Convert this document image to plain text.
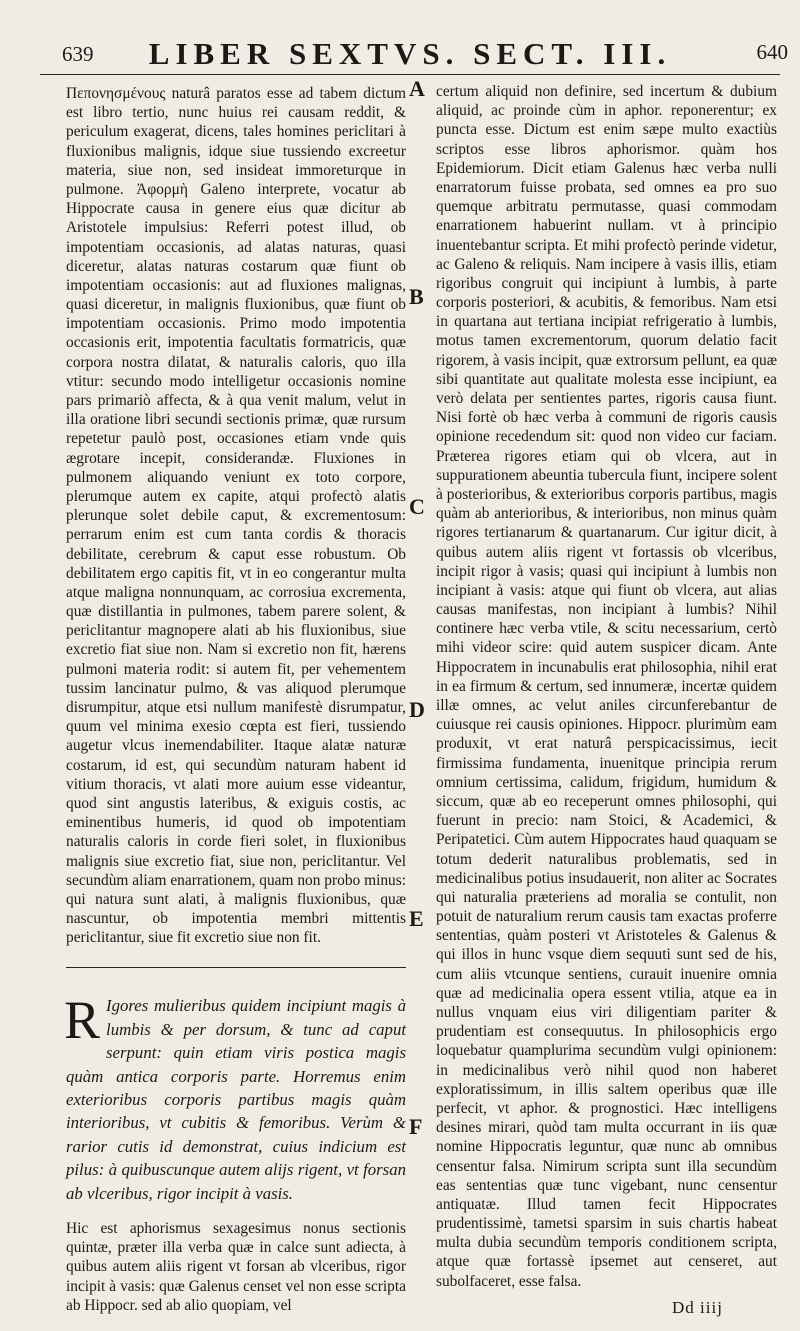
639	LIBER SEXTVS. SECT. III.	640
A
B
C
D
E
F

Πεπονησμένους naturâ paratos esse ad tabem dictum est libro tertio, nunc huius rei causam reddit, & periculum exagerat, dicens, tales homines periclitari à fluxionibus malignis, idque siue tussiendo excreetur materia, siue non, sed insideat immoreturque in pulmone. Ἀφορμὴ Galeno interprete, vocatur ab Hippocrate causa in genere eius quæ dicitur ab Aristotele impulsius: Referri potest illud, ob impotentiam occasionis, ad alatas naturas, quasi diceretur, alatas naturas costarum quæ fiunt ob impotentiam occasionis: aut ad fluxiones malignas, quasi diceretur, in malignis fluxionibus, quæ fiunt ob impotentiam occasionis. Primo modo impotentia occasionis erit, impotentia facultatis formatricis, quæ corpora nostra dilatat, & naturalis caloris, quo illa vtitur: secundo modo intelligetur occasionis nomine pars primariò affecta, & à qua venit malum, velut in illa oratione libri secundi sectionis primæ, quæ rursum repetetur paulò post, occasiones etiam vnde quis ægrotare incepit, considerandæ. Fluxiones in pulmonem aliquando veniunt ex toto corpore, plerumque autem ex capite, atqui profectò alatis plerunque solet debile caput, & excrementosum: perrarum enim est cum tanta cordis & thoracis debilitate, cerebrum & caput esse robustum. Ob debilitatem ergo capitis fit, vt in eo congerantur multa atque maligna nonnunquam, ac corrosiua excrementa, quæ distillantia in pulmones, tabem parere solent, & periclitantur magnopere alati ab his fluxionibus, siue excretio fiat siue non. Nam si excretio non fit, hærens pulmoni materia rodit: si autem fit, per vehementem tussim lancinatur pulmo, & vas aliquod plerumque disrumpitur, atque etsi nullum manifestè disrumpatur, quum vel minima exesio cœpta est fieri, tussiendo augetur vlcus inemendabiliter. Itaque alatæ naturæ costarum, id est, qui secundùm naturam habent id vitium thoracis, vt alati more auium esse videantur, quod sint angustis lateribus, & exiguis costis, ac eminentibus humeris, id quod ob impotentiam naturalis caloris in corde fieri solet, in fluxionibus malignis siue excretio fiat, siue non, periclitantur. Vel secundùm aliam enarrationem, quam non probo minus: qui natura sunt alati, à malignis fluxionibus, quæ nascuntur, ob impotentia membri mittentis periclitantur, siue fit excretio siue non fit.

R Igores mulieribus quidem incipiunt magis à lumbis & per dorsum, & tunc ad caput serpunt: quin etiam viris postica magis quàm antica corporis parte. Horremus enim exterioribus corporis partibus magis quàm interioribus, vt cubitis & femoribus. Verùm & rarior cutis id demonstrat, cuius indicium est pilus: à quibuscunque autem alijs rigent, vt forsan ab vlceribus, rigor incipit à vasis.

Hic est aphorismus sexagesimus nonus sectionis quintæ, præter illa verba quæ in calce sunt adiecta, à quibus autem aliis rigent vt forsan ab vlceribus, rigor incipit à vasis: quæ Galenus censet vel non esse scripta ab Hippocr. sed ab alio quopiam, vel

certum aliquid non definire, sed incertum & dubium aliquid, ac proinde cùm in aphor. reponerentur; ex puncta esse. Dictum est enim sæpe multo exactiùs scriptos esse libros aphorismor. quàm hos Epidemiorum. Dicit etiam Galenus hæc verba nulli enarratorum fuisse probata, sed omnes ea pro suo quemque arbitratu permutasse, quasi commodam enarrationem habuerint nullam. vt à principio inuentebantur scripta. Et mihi profectò perinde videtur, ac Galeno & reliquis. Nam incipere à vasis illis, etiam rigoribus congruit qui incipiunt à lumbis, à parte corporis posteriori, & acubitis, & femoribus. Nam etsi in quartana aut tertiana incipiat refrigeratio à lumbis, motus tamen excrementorum, quorum delatio facit rigorem, à vasis incipit, quæ extrorsum pellunt, ea quæ sibi quantitate aut qualitate molesta esse incipiunt, ea verò delata per sentientes partes, rigoris causa fiunt. Nisi fortè ob hæc verba à communi de rigoris causis opinione recedendum sit: quod non video cur faciam. Præterea rigores etiam qui ob vlcera, aut in suppurationem abeuntia tubercula fiunt, incipere solent à posterioribus, & exterioribus corporis partibus, magis quàm ab anterioribus, & interioribus, non minus quàm rigores tertianarum & quartanarum. Cur igitur dicit, à quibus autem aliis rigent vt fortassis ob vlceribus, incipit rigor à vasis; quasi qui incipiunt à lumbis non incipiant à vasis: atque qui fiunt ob vlcera, aut alias causas manifestas, non incipiant à lumbis? Nihil continere hæc verba vtile, & scitu necessarium, certò mihi videor scire: quid autem suspicer dicam. Ante Hippocratem in incunabulis erat philosophia, nihil erat in ea firmum & certum, sed innumeræ, incertæ quidem illæ omnes, ac velut aniles circunferebantur de cuiusque rei causis opiniones. Hippocr. plurimùm eam produxit, vt erat naturâ perspicacissimus, iecit firmissima fundamenta, inuenitque principia rerum omnium certissima, calidum, frigidum, humidum & siccum, quæ ab eo receperunt omnes philosophi, qui fuerunt in precio: nam Stoici, & Academici, & Peripatetici. Cùm autem Hippocrates haud quaquam se totum dederit naturalibus problematis, sed in medicinalibus potius insudauerit, non aliter ac Socrates qui naturalia præteriens ad moralia se contulit, non potuit de naturalium rerum causis tam exactas proferre sententias, quàm posteri vt Aristoteles & Galenus & qui illos in hunc vsque diem sequuti sunt sed de his, cum aliis vtcunque sentiens, curauit inuenire omnia quæ ad medicinalia opera essent vtilia, atque ea in nullus vnquam eius viri diligentiam pariter & prudentiam est consequutus. In philosophicis ergo loquebatur quamplurima secundùm vulgi opinionem: in medicinalibus verò nihil quod non haberet exploratissimum, in illis saltem operibus quæ ille perfecit, vt aphor. & prognostici. Hæc intelligens desines mirari, quòd tam multa occurrant in iis quæ nomine Hippocratis leguntur, quæ nunc ab omnibus censentur falsa. Nimirum scripta sunt illa secundùm eas sententias quæ tunc vigebant, nunc censentur antiquatæ. Illud tamen fecit Hippocrates prudentissimè, tametsi sparsim in suis chartis habeat multa dubia secundùm temporis conditionem scripta, atque quæ fortassè ipsemet aut censeret, aut subolfaceret, esse falsa.

Dd iiij
